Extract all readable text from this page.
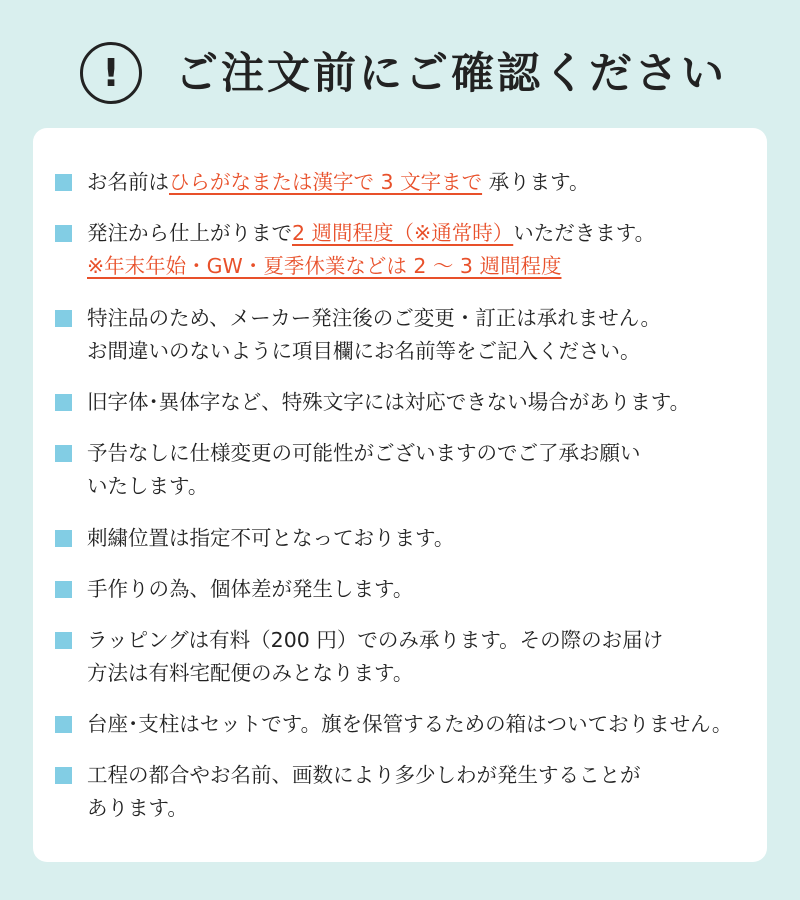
!	ご注文前にご確認ください
お名前はひらがなまたは漢字で 3 文字まで 承ります。
発注から仕上がりまで2 週間程度（※通常時）いただきます。
※年末年始・GW・夏季休業などは 2 〜 3 週間程度
特注品のため、メーカー発注後のご変更・訂正は承れません。
お間違いのないように項目欄にお名前等をご記入ください。
旧字体･異体字など、特殊文字には対応できない場合があります。
予告なしに仕様変更の可能性がございますのでご了承お願い
いたします。
刺繍位置は指定不可となっております。
手作りの為、個体差が発生します。
ラッピングは有料（200 円）でのみ承ります。その際のお届け
方法は有料宅配便のみとなります。
台座･支柱はセットです。旗を保管するための箱はついておりません。
工程の都合やお名前、画数により多少しわが発生することが
あります。
